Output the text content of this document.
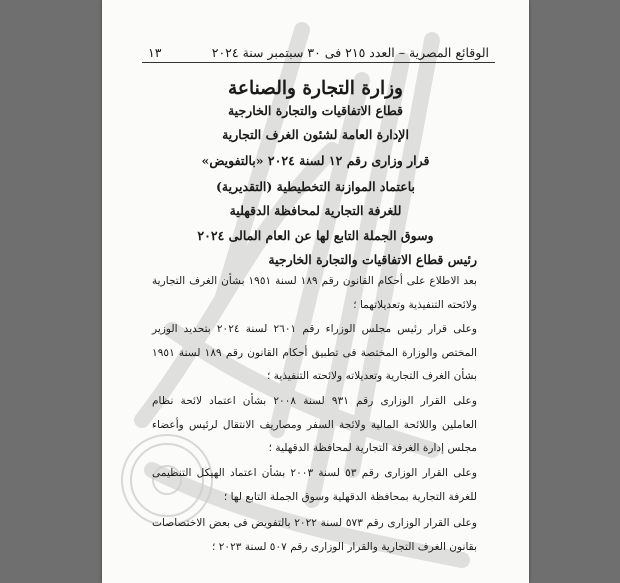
الوقائع المصرية – العدد ٢١٥ فى ٣٠ سبتمبر سنة ٢٠٢٤
١٣
وزارة التجارة والصناعة
قطاع الاتفاقيات والتجارة الخارجية
الإدارة العامة لشئون الغرف التجارية
قرار وزارى رقم ١٢ لسنة ٢٠٢٤ «بالتفويض»
باعتماد الموازنة التخطيطية (التقديرية)
للغرفة التجارية لمحافظة الدقهلية
وسوق الجملة التابع لها عن العام المالى ٢٠٢٤
رئيس قطاع الاتفاقيات والتجارة الخارجية

بعد الاطلاع على أحكام القانون رقم ١٨٩ لسنة ١٩٥١ بشأن الغرف التجارية ولائحته التنفيذية وتعديلاتهما ؛

وعلى قرار رئيس مجلس الوزراء رقم ٢٦٠١ لسنة ٢٠٢٤ بتحديد الوزير المختص والوزارة المختصة فى تطبيق أحكام القانون رقم ١٨٩ لسنة ١٩٥١ بشأن الغرف التجارية وتعديلاته ولائحته التنفيذية ؛

وعلى القرار الوزارى رقم ٩٣١ لسنة ٢٠٠٨ بشأن اعتماد لائحة نظام العاملين واللائحة المالية ولائحة السفر ومصاريف الانتقال لرئيس وأعضاء مجلس إدارة الغرفة التجارية لمحافظة الدقهلية ؛

وعلى القرار الوزارى رقم ٥٣ لسنة ٢٠٠٣ بشأن اعتماد الهيكل التنظيمى للغرفة التجارية بمحافظة الدقهلية وسوق الجملة التابع لها ؛

وعلى القرار الوزارى رقم ٥٧٣ لسنة ٢٠٢٢ بالتفويض فى بعض الاختصاصات بقانون الغرف التجارية والقرار الوزارى رقم ٥٠٧ لسنة ٢٠٢٣ ؛
